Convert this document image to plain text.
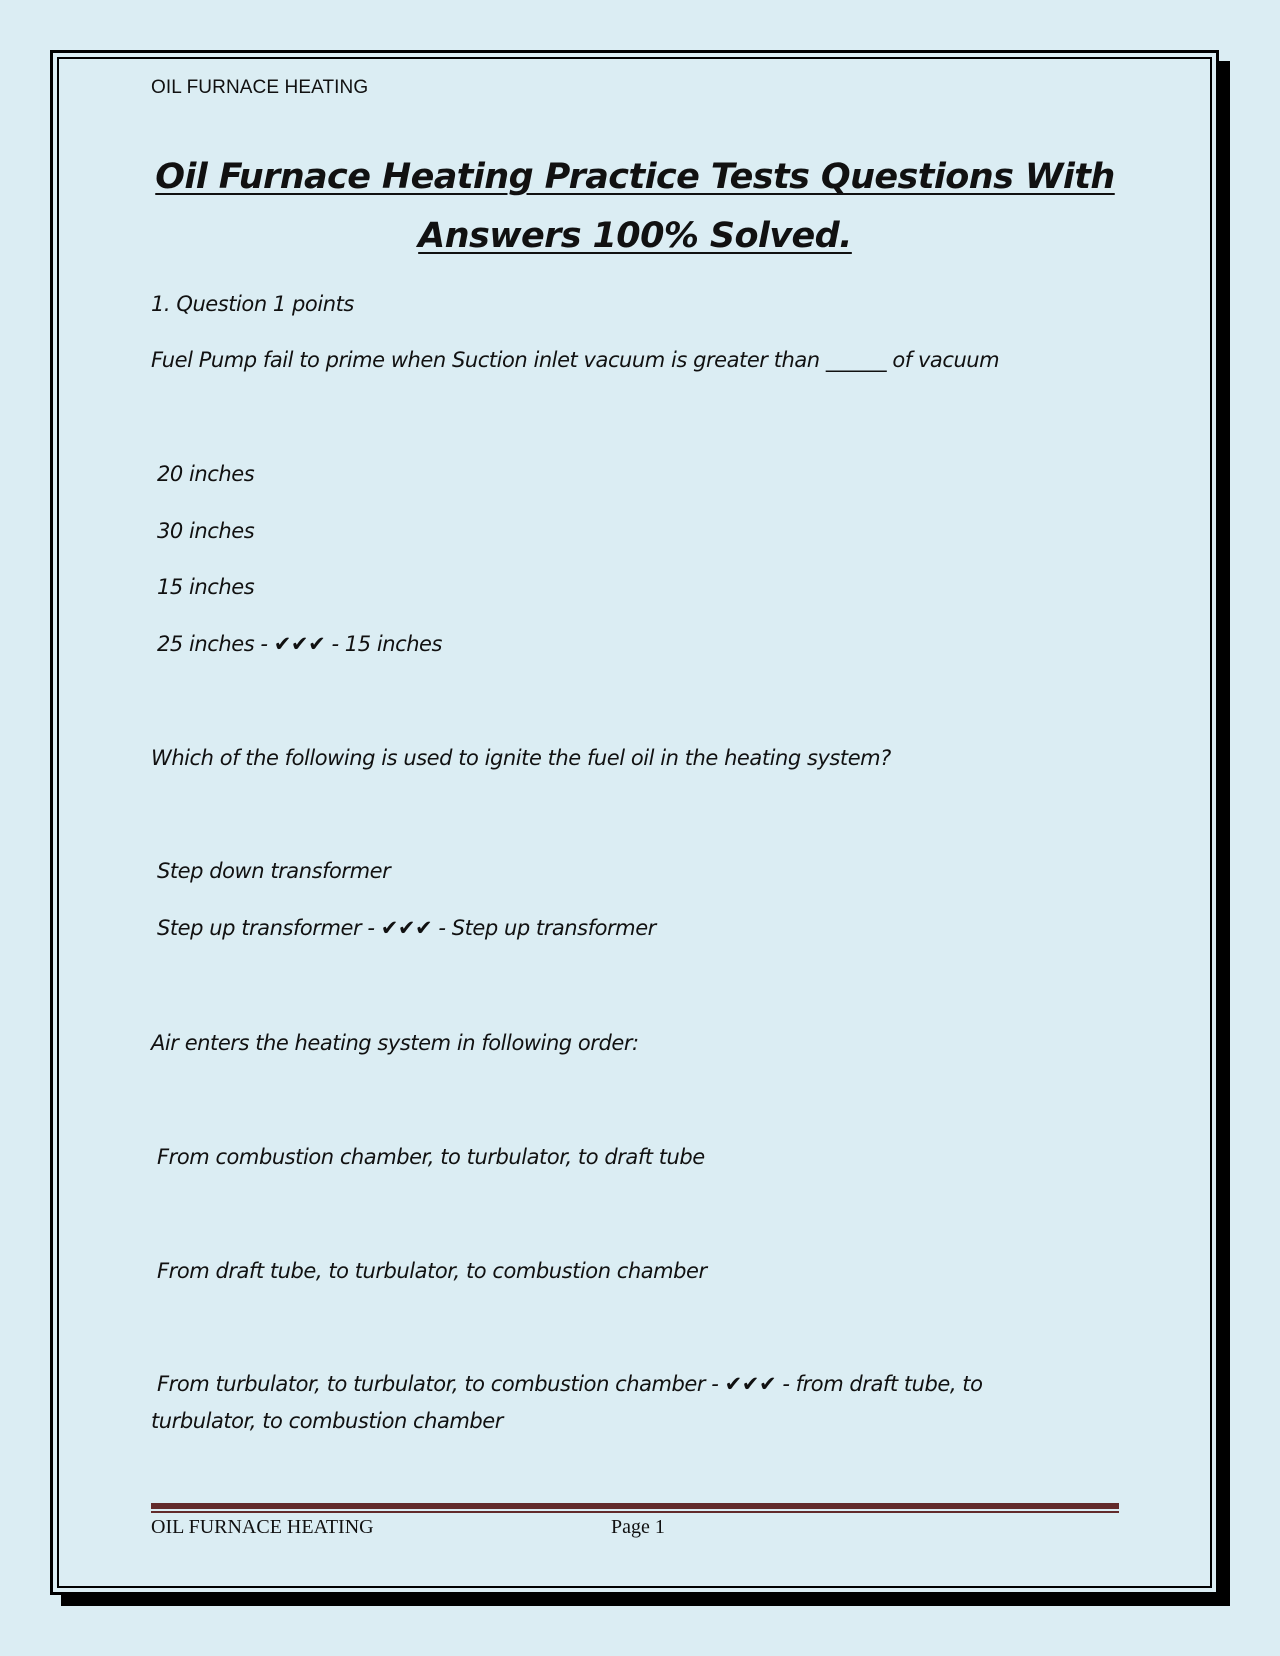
OIL FURNACE HEATING
Oil Furnace Heating Practice Tests Questions With
Answers 100% Solved.
1. Question 1 points
Fuel Pump fail to prime when Suction inlet vacuum is greater than ______ of vacuum
20 inches
30 inches
15 inches
25 inches - ✔✔✔ - 15 inches
Which of the following is used to ignite the fuel oil in the heating system?
Step down transformer
Step up transformer - ✔✔✔ - Step up transformer
Air enters the heating system in following order:
From combustion chamber, to turbulator, to draft tube
From draft tube, to turbulator, to combustion chamber
From turbulator, to turbulator, to combustion chamber - ✔✔✔ - from draft tube, to
turbulator, to combustion chamber
OIL FURNACE HEATING	Page 1
